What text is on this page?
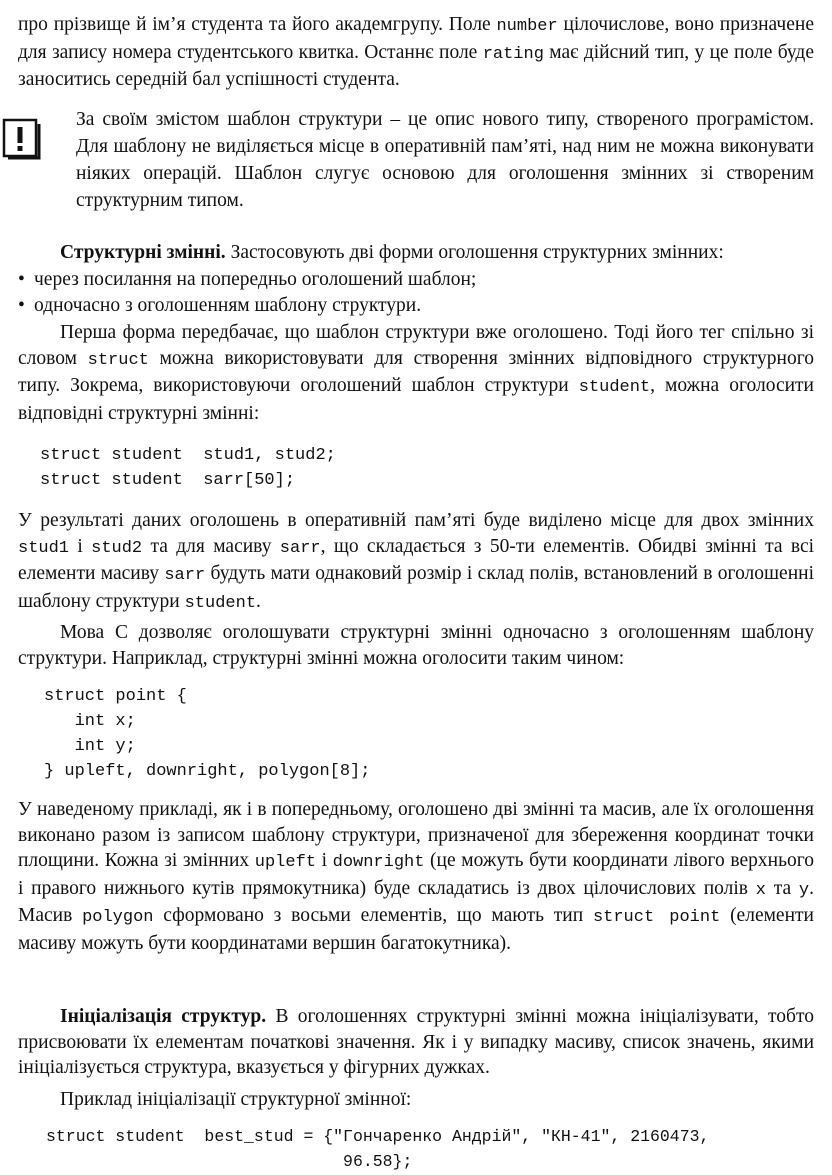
про прізвище й ім’я студента та його академгрупу. Поле number цілочислове, воно призначене для запису номера студентського квитка. Останнє поле rating має дійсний тип, у це поле буде заноситись середній бал успішності студента.
За своїм змістом шаблон структури – це опис нового типу, створеного програмістом. Для шаблону не виділяється місце в оперативній пам’яті, над ним не можна виконувати ніяких операцій. Шаблон слугує основою для оголошення змінних зі створеним структурним типом.
Структурні змінні. Застосовують дві форми оголошення структурних змінних:
• через посилання на попередньо оголошений шаблон;
• одночасно з оголошенням шаблону структури.
Перша форма передбачає, що шаблон структури вже оголошено. Тоді його тег спільно зі словом struct можна використовувати для створення змінних відповідного структурного типу. Зокрема, використовуючи оголошений шаблон структури student, можна оголосити відповідні структурні змінні:
struct student  stud1, stud2;
struct student  sarr[50];
У результаті даних оголошень в оперативній пам’яті буде виділено місце для двох змінних stud1 і stud2 та для масиву sarr, що складається з 50-ти елементів. Обидві змінні та всі елементи масиву sarr будуть мати однаковий розмір і склад полів, встановлений в оголошенні шаблону структури student.
Мова С дозволяє оголошувати структурні змінні одночасно з оголошенням шаблону структури. Наприклад, структурні змінні можна оголосити таким чином:
struct point {
int x;
int y;
} upleft, downright, polygon[8];
У наведеному прикладі, як і в попередньому, оголошено дві змінні та масив, але їх оголошення виконано разом із записом шаблону структури, призначеної для збереження координат точки площини. Кожна зі змінних upleft і downright (це можуть бути координати лівого верхнього і правого нижнього кутів прямокутника) буде складатись із двох цілочислових полів x та y. Масив polygon сформовано з восьми елементів, що мають тип struct point (елементи масиву можуть бути координатами вершин багатокутника).
Ініціалізація структур. В оголошеннях структурні змінні можна ініціалізувати, тобто присвоювати їх елементам початкові значення. Як і у випадку масиву, список значень, якими ініціалізується структура, вказується у фігурних дужках.
Приклад ініціалізації структурної змінної:
struct student  best_stud = {"Гончаренко Андрій", "КН-41", 2160473,
96.58};
